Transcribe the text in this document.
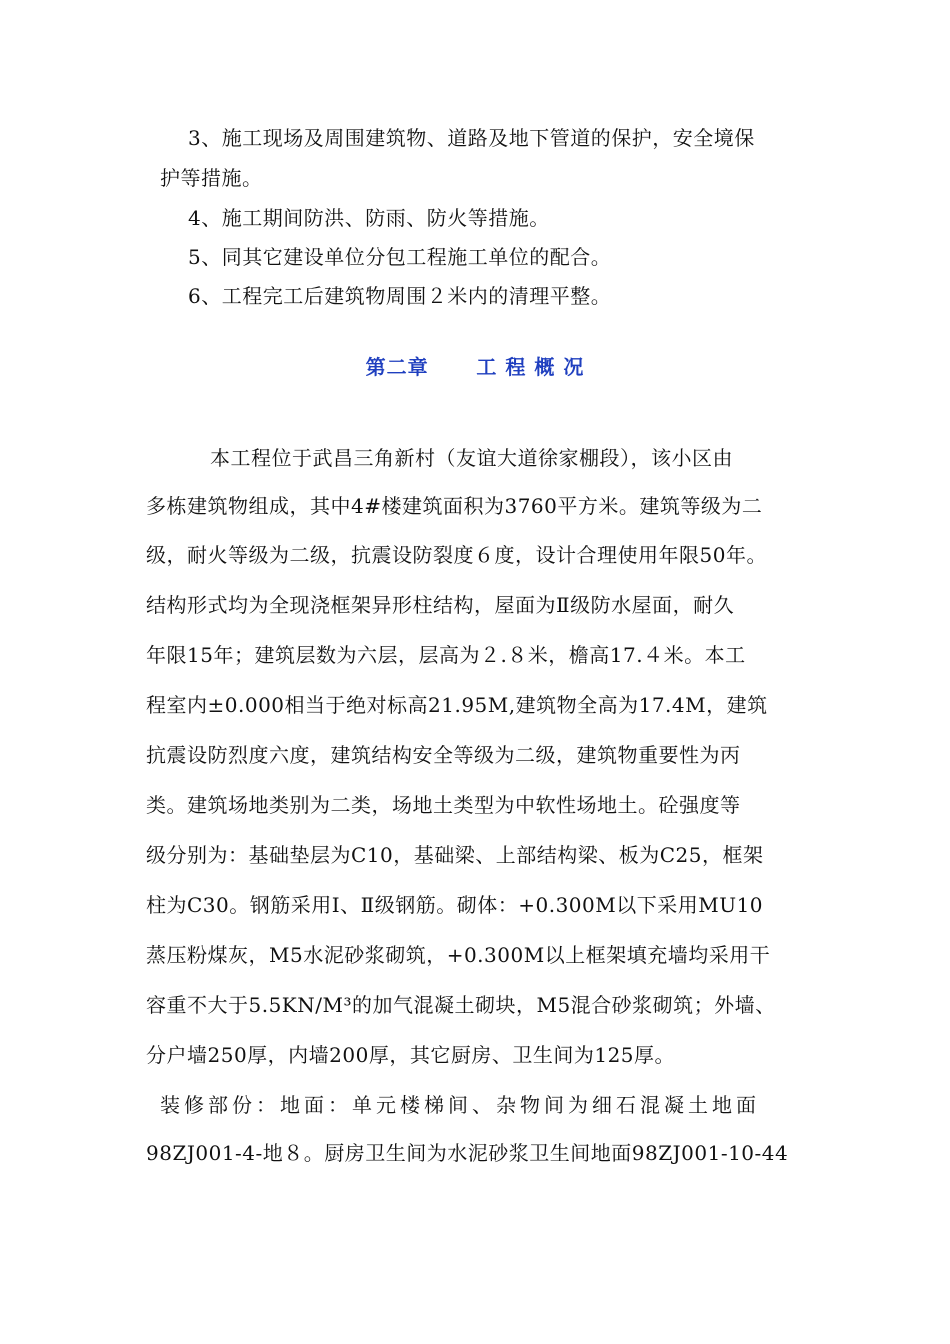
3、施工现场及周围建筑物、道路及地下管道的保护，安全境保
护等措施。
4、施工期间防洪、防雨、防火等措施。
5、同其它建设单位分包工程施工单位的配合。
6、工程完工后建筑物周围２米内的清理平整。
第二章      工 程 概 况
本工程位于武昌三角新村（友谊大道徐家棚段），该小区由
多栋建筑物组成，其中4#楼建筑面积为3760平方米。建筑等级为二
级，耐火等级为二级，抗震设防裂度６度，设计合理使用年限50年。
结构形式均为全现浇框架异形柱结构，屋面为Ⅱ级防水屋面，耐久
年限15年；建筑层数为六层，层高为２.８米，檐高17.４米。本工
程室内±0.000相当于绝对标高21.95M,建筑物全高为17.4M，建筑
抗震设防烈度六度，建筑结构安全等级为二级，建筑物重要性为丙
类。建筑场地类别为二类，场地土类型为中软性场地土。砼强度等
级分别为：基础垫层为C10，基础梁、上部结构梁、板为C25，框架
柱为C30。钢筋采用Ⅰ、Ⅱ级钢筋。砌体：+0.300M以下采用MU10
蒸压粉煤灰，M5水泥砂浆砌筑，+0.300M以上框架填充墙均采用干
容重不大于5.5KN/M³的加气混凝土砌块，M5混合砂浆砌筑；外墙、
分户墙250厚，内墙200厚，其它厨房、卫生间为125厚。
装修部份：地面：单元楼梯间、杂物间为细石混凝土地面
98ZJ001-4-地８。厨房卫生间为水泥砂浆卫生间地面98ZJ001-10-44
